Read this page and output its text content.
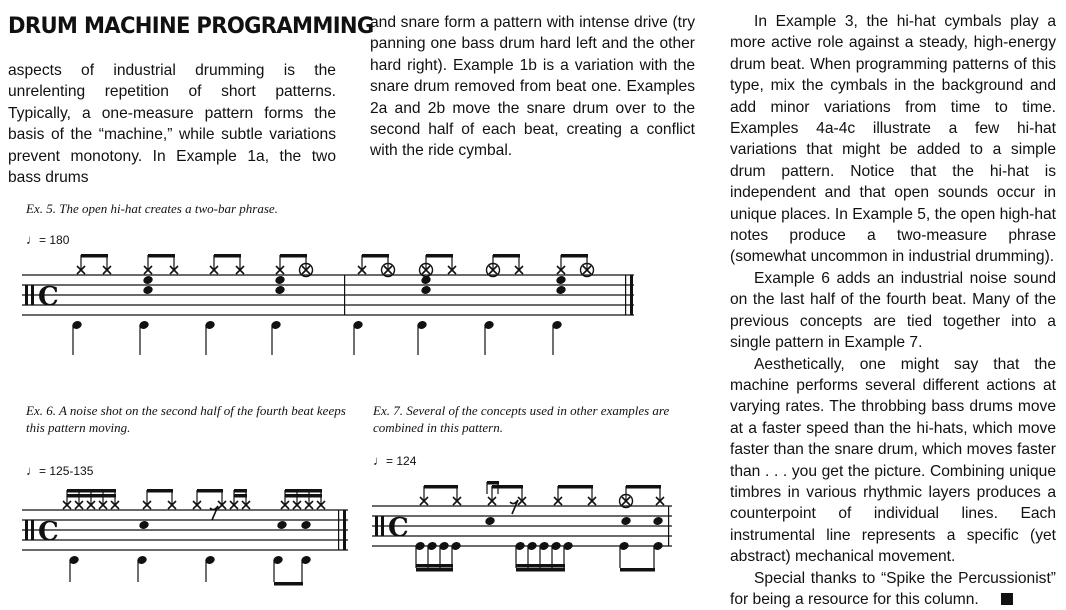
DRUM MACHINE PROGRAMMING

aspects of industrial drumming is the unrelenting repetition of short patterns. Typically, a one-measure pattern forms the basis of the “machine,” while subtle variations prevent monotony. In Example 1a, the two bass drums

and snare form a pattern with intense drive (try panning one bass drum hard left and the other hard right). Example 1b is a variation with the snare drum removed from beat one. Examples 2a and 2b move the snare drum over to the second half of each beat, creating a conflict with the ride cymbal.

In Example 3, the hi-hat cymbals play a more active role against a steady, high-energy drum beat. When programming patterns of this type, mix the cymbals in the background and add minor variations from time to time. Examples 4a-4c illustrate a few hi-hat variations that might be added to a simple drum pattern. Notice that the hi-hat is independent and that open sounds occur in unique places. In Example 5, the open high-hat notes produce a two-measure phrase (somewhat uncommon in industrial drumming).

Example 6 adds an industrial noise sound on the last half of the fourth beat. Many of the previous concepts are tied together into a single pattern in Example 7.

Aesthetically, one might say that the machine performs several different actions at varying rates. The throbbing bass drums move at a faster speed than the hi-hats, which move faster than the snare drum, which moves faster than . . . you get the picture. Combining unique timbres in various rhythmic layers produces a counterpoint of individual lines. Each instrumental line represents a specific (yet abstract) mechanical movement.

Special thanks to “Spike the Percussionist” for being a resource for this column.

Ex. 5. The open hi-hat creates a two-bar phrase.

♩= 180
C

Ex. 6. A noise shot on the second half of the fourth beat keeps this pattern moving.

♩= 125-135
C

Ex. 7. Several of the concepts used in other examples are combined in this pattern.

♩= 124
C
